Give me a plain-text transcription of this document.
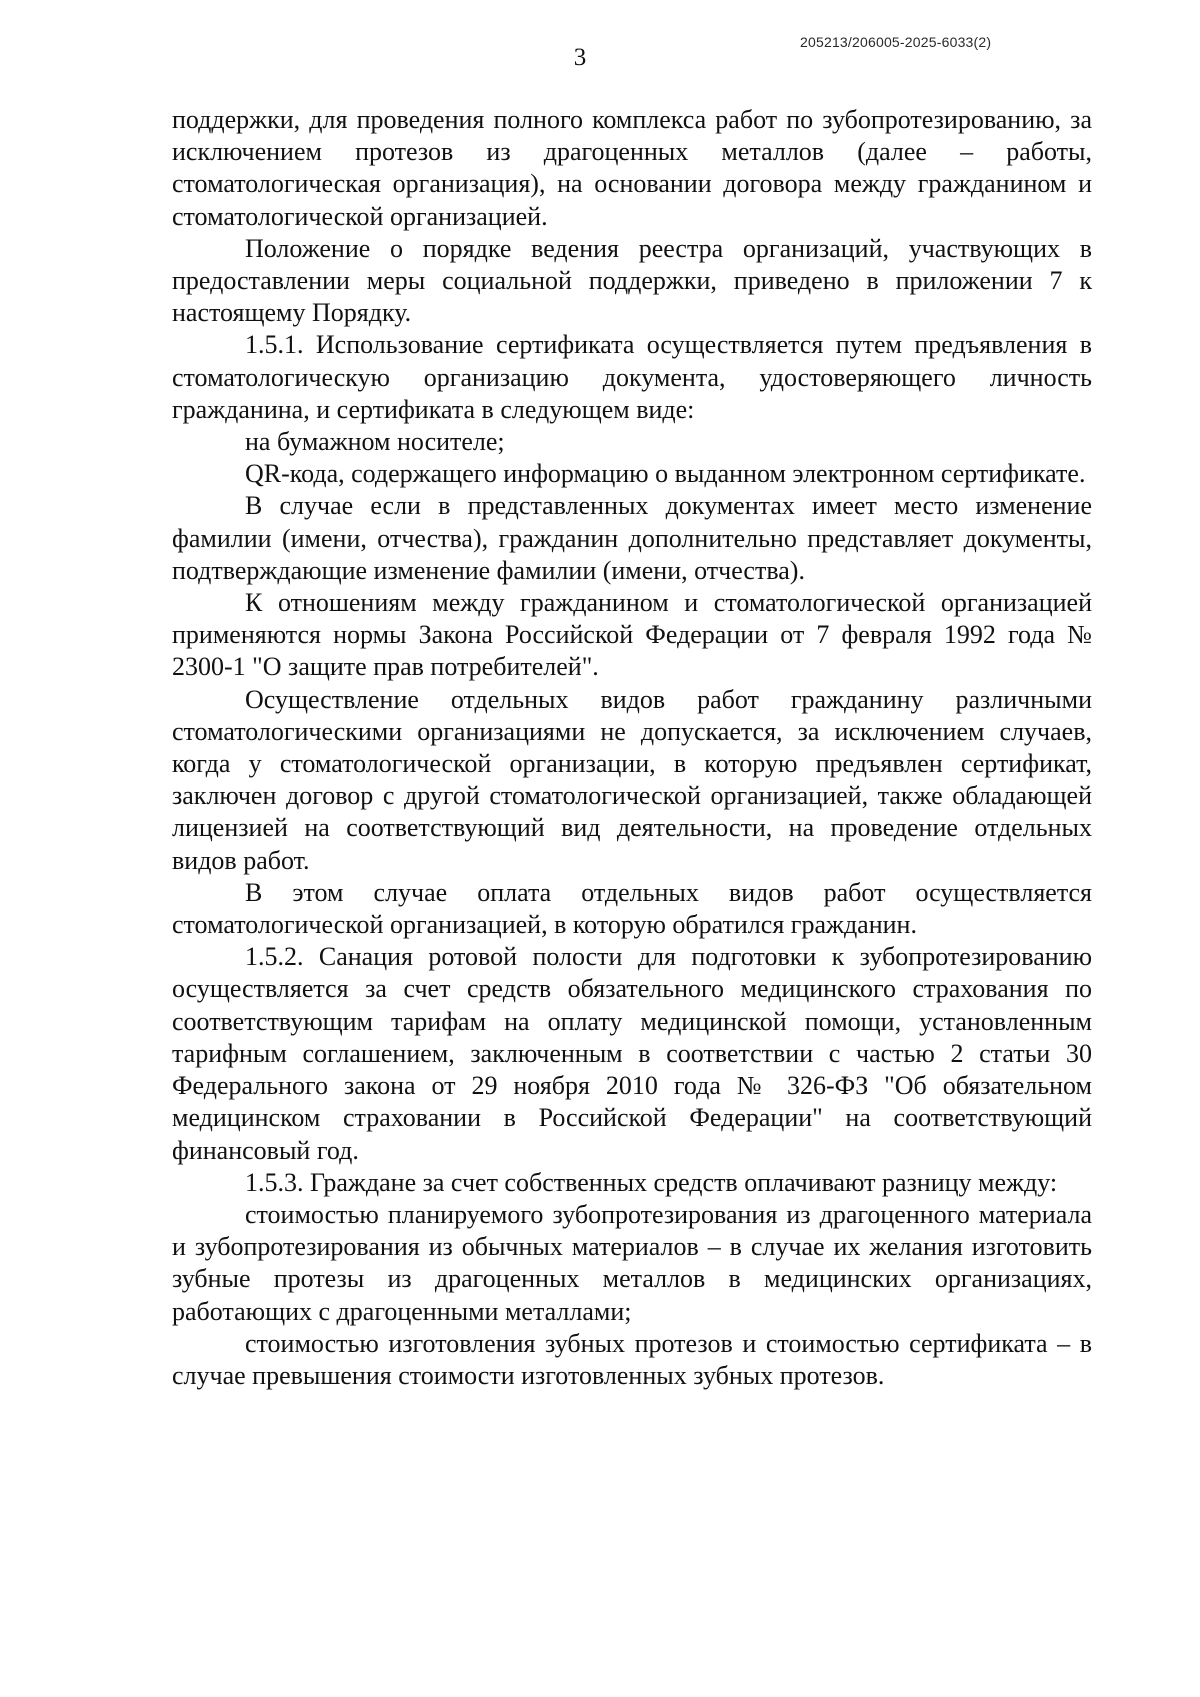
205213/206005-2025-6033(2)
3

поддержки, для проведения полного комплекса работ по зубопротезированию, за исключением протезов из драгоценных металлов (далее – работы, стоматологическая организация), на основании договора между гражданином и стоматологической организацией.

Положение о порядке ведения реестра организаций, участвующих в предоставлении меры социальной поддержки, приведено в приложении 7 к настоящему Порядку.

1.5.1. Использование сертификата осуществляется путем предъявления в стоматологическую организацию документа, удостоверяющего личность гражданина, и сертификата в следующем виде:

на бумажном носителе;

QR-кода, содержащего информацию о выданном электронном сертификате.

В случае если в представленных документах имеет место изменение фамилии (имени, отчества), гражданин дополнительно представляет документы, подтверждающие изменение фамилии (имени, отчества).

К отношениям между гражданином и стоматологической организацией применяются нормы Закона Российской Федерации от 7 февраля 1992 года № 2300-1 "О защите прав потребителей".

Осуществление отдельных видов работ гражданину различными стоматологическими организациями не допускается, за исключением случаев, когда у стоматологической организации, в которую предъявлен сертификат, заключен договор с другой стоматологической организацией, также обладающей лицензией на соответствующий вид деятельности, на проведение отдельных видов работ.

В этом случае оплата отдельных видов работ осуществляется стоматологической организацией, в которую обратился гражданин.

1.5.2. Санация ротовой полости для подготовки к зубопротезированию осуществляется за счет средств обязательного медицинского страхования по соответствующим тарифам на оплату медицинской помощи, установленным тарифным соглашением, заключенным в соответствии с частью 2 статьи 30 Федерального закона от 29 ноября 2010 года № 326-ФЗ "Об обязательном медицинском страховании в Российской Федерации" на соответствующий финансовый год.

1.5.3. Граждане за счет собственных средств оплачивают разницу между:

стоимостью планируемого зубопротезирования из драгоценного материала и зубопротезирования из обычных материалов – в случае их желания изготовить зубные протезы из драгоценных металлов в медицинских организациях, работающих с драгоценными металлами;

стоимостью изготовления зубных протезов и стоимостью сертификата – в случае превышения стоимости изготовленных зубных протезов.
